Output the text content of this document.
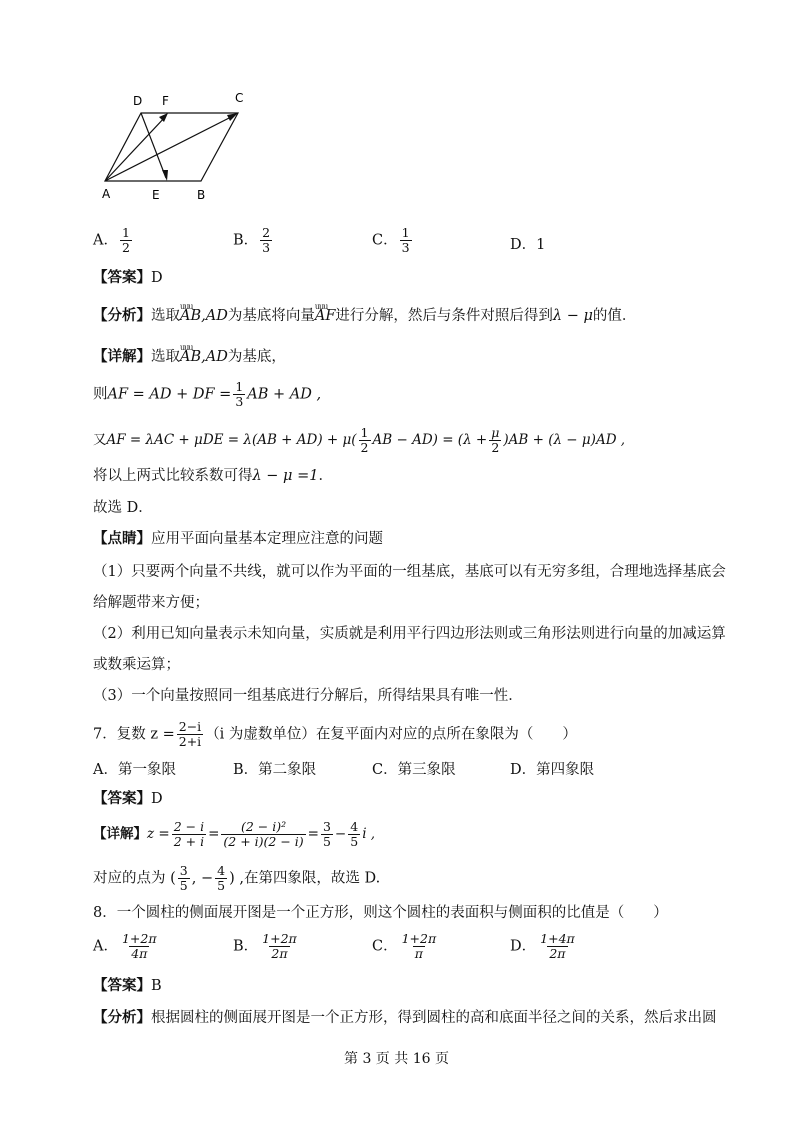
D F	C
A	E	B
A． $\frac{1}{2}$	B． $\frac{2}{3}$	C． $\frac{1}{3}$	D．1
【答案】D
【分析】选取uuu AB,AD为基底将向量uuu AF进行分解，然后与条件对照后得到λ − μ的值．
【详解】选取uuu AB,AD为基底，
则AF = AD + DF = $\frac{1}{3}$ AB + AD ,
又AF = $\lambda AC + \mu DE = \lambda(AB + AD) + \mu( \frac{1}{2}$ AB − $AD) = (\lambda + \frac{\mu}{2} )AB + (\lambda - \mu)AD$ ,
将以上两式比较系数可得λ − μ =1．
故选 D．
【点睛】应用平面向量基本定理应注意的问题
（1）只要两个向量不共线，就可以作为平面的一组基底，基底可以有无穷多组，合理地选择基底会
给解题带来方便；
（2）利用已知向量表示未知向量，实质就是利用平行四边形法则或三角形法则进行向量的加减运算
或数乘运算；
（3）一个向量按照同一组基底进行分解后，所得结果具有唯一性．
7．复数 $z = \frac{2-i}{2+i} (i$ 为虚数单位）在复平面内对应的点所在象限为（　　）
A．第一象限	B．第二象限	C．第三象限	D．第四象限
【答案】D
【详解】$z = \frac{2 - i}{2 + i} = \frac{\text{(2 − i)²}}{(2 + i)(2 - i)} = \frac{3}{5} - \frac{4}{5}$ i ,
对应的点为 ( $\frac{3}{5}$ , − $\frac{4}{5}$ ) ,在第四象限，故选 D.
8．一个圆柱的侧面展开图是一个正方形，则这个圆柱的表面积与侧面积的比值是（　　）
A． $\frac{1+2\pi}{4\pi}$	B． $\frac{1+2\pi}{2\pi}$	C． $\frac{1+2\pi}{\pi}$	D． $\frac{1+4\pi}{2\pi}$
【答案】B
【分析】根据圆柱的侧面展开图是一个正方形，得到圆柱的高和底面半径之间的关系，然后求出圆
第 3 页 共 16 页
